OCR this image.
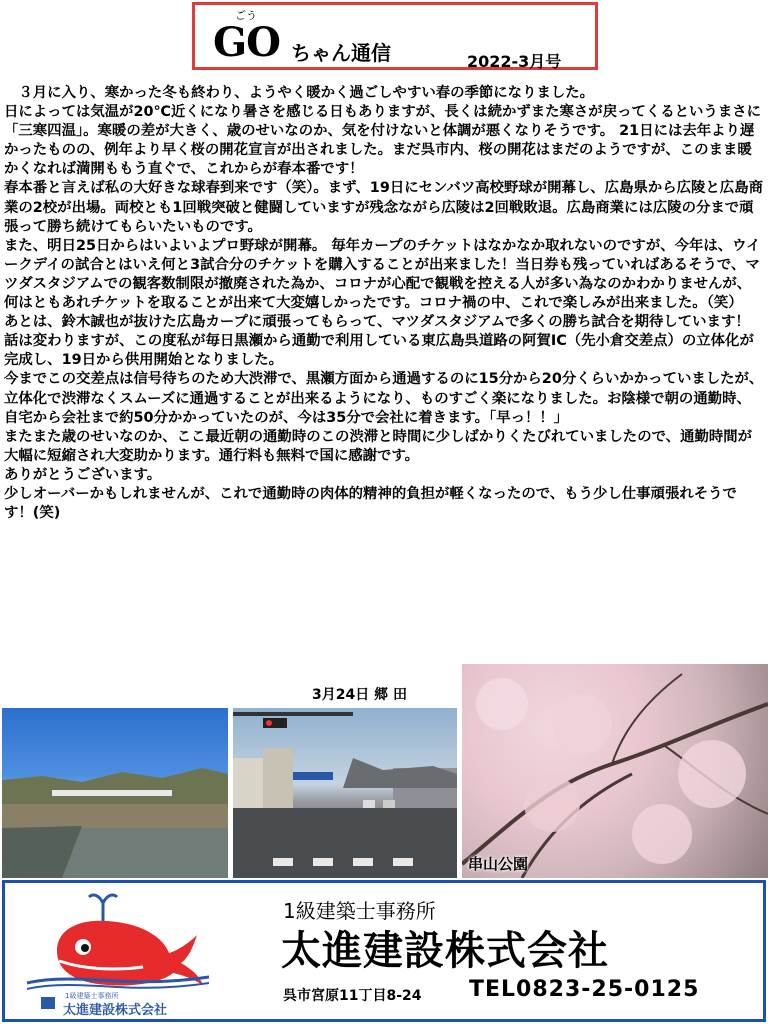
ごう
GO ちゃん通信	2022-3月号

３月に入り、寒かった冬も終わり、ようやく暖かく過ごしやすい春の季節になりました。

日によっては気温が20℃近くになり暑さを感じる日もありますが、長くは続かずまた寒さが戻ってくるというまさに「三寒四温」。寒暖の差が大きく、歳のせいなのか、気を付けないと体調が悪くなりそうです。 21日には去年より遅かったものの、例年より早く桜の開花宣言が出されました。まだ呉市内、桜の開花はまだのようですが、このまま暖かくなれば満開ももう直ぐで、これからが春本番です！

春本番と言えば私の大好きな球春到来です（笑）。まず、19日にセンバツ高校野球が開幕し、広島県から広陵と広島商業の2校が出場。両校とも1回戦突破と健闘していますが残念ながら広陵は2回戦敗退。広島商業には広陵の分まで頑張って勝ち続けてもらいたいものです。

また、明日25日からはいよいよプロ野球が開幕。 毎年カープのチケットはなかなか取れないのですが、今年は、ウイークデイの試合とはいえ何と3試合分のチケットを購入することが出来ました！当日券も残っていればあるそうで、マツダスタジアムでの観客数制限が撤廃された為か、コロナが心配で観戦を控える人が多い為なのかわかりませんが、何はともあれチケットを取ることが出来て大変嬉しかったです。コロナ禍の中、これで楽しみが出来ました。（笑）

あとは、鈴木誠也が抜けた広島カープに頑張ってもらって、マツダスタジアムで多くの勝ち試合を期待しています！

話は変わりますが、この度私が毎日黒瀬から通勤で利用している東広島呉道路の阿賀IC（先小倉交差点）の立体化が完成し、19日から供用開始となりました。

今までこの交差点は信号待ちのため大渋滞で、黒瀬方面から通過するのに15分から20分くらいかかっていましたが、立体化で渋滞なくスムーズに通過することが出来るようになり、ものすごく楽になりました。お陰様で朝の通勤時、自宅から会社まで約50分かかっていたのが、今は35分で会社に着きます。「早っ！！」

またまた歳のせいなのか、ここ最近朝の通勤時のこの渋滞と時間に少しばかりくたびれていましたので、通勤時間が大幅に短縮され大変助かります。通行料も無料で国に感謝です。

ありがとうございます。

少しオーバーかもしれませんが、これで通勤時の肉体的精神的負担が軽くなったので、もう少し仕事頑張れそうです！(笑)

3月24日 郷 田
串山公園
1級建築士事務所
太進建設株式会社
1級建築士事務所
太進建設株式会社
呉市宮原11丁目8-24 TEL0823-25-0125
